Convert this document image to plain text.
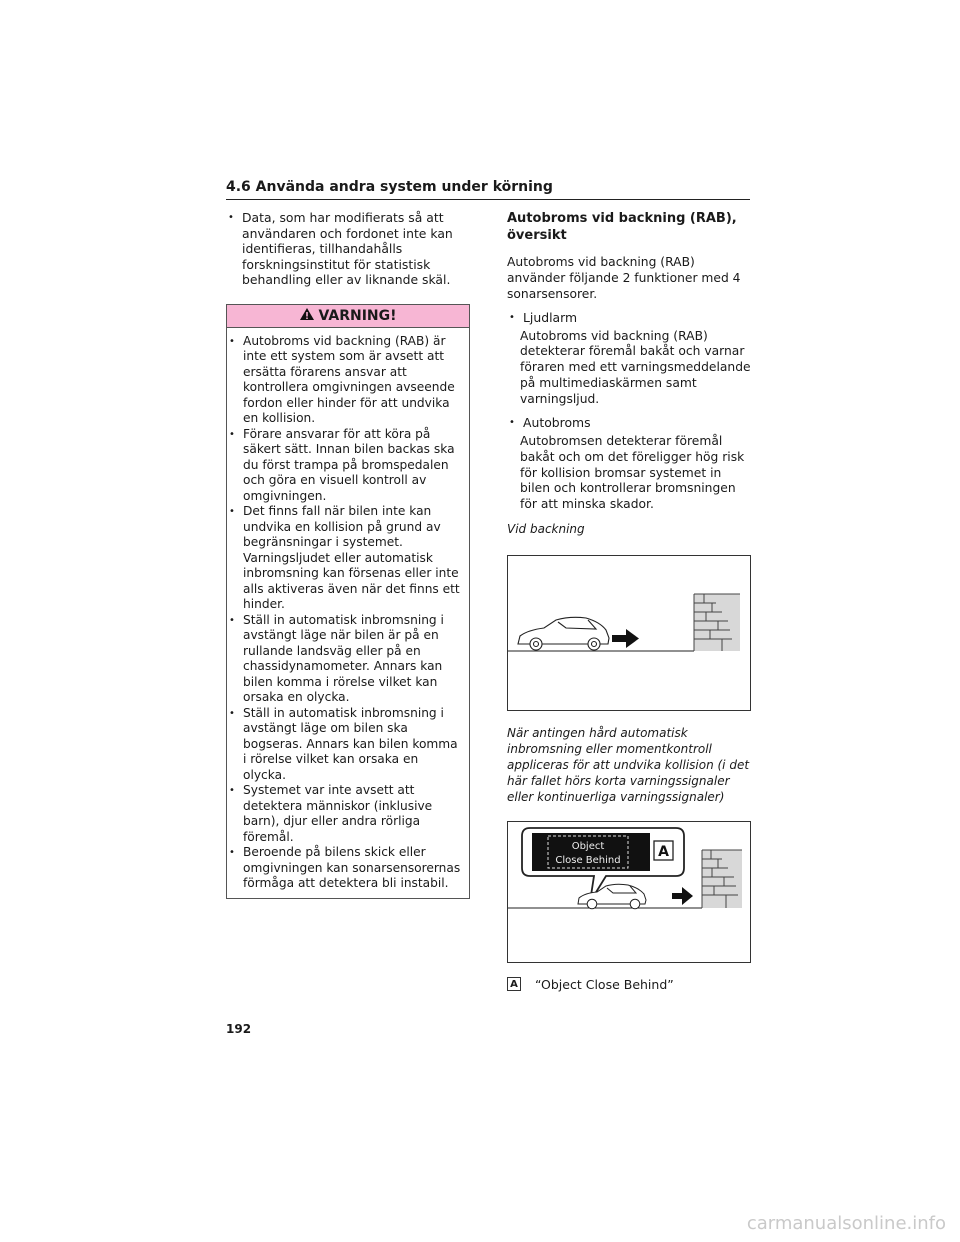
4.6 Använda andra system under körning

• Data, som har modifierats så att användaren och fordonet inte kan identifieras, tillhandahålls forskningsinstitut för statistisk behandling eller av liknande skäl.

VARNING!

• Autobroms vid backning (RAB) är inte ett system som är avsett att ersätta förarens ansvar att kontrollera omgivningen avseende fordon eller hinder för att undvika en kollision.

• Förare ansvarar för att köra på säkert sätt. Innan bilen backas ska du först trampa på bromspedalen och göra en visuell kontroll av omgivningen.

• Det finns fall när bilen inte kan undvika en kollision på grund av begränsningar i systemet. Varningsljudet eller automatisk inbromsning kan försenas eller inte alls aktiveras även när det finns ett hinder.

• Ställ in automatisk inbromsning i avstängt läge när bilen är på en rullande landsväg eller på en chassidynamometer. Annars kan bilen komma i rörelse vilket kan orsaka en olycka.

• Ställ in automatisk inbromsning i avstängt läge om bilen ska bogseras. Annars kan bilen komma i rörelse vilket kan orsaka en olycka.

• Systemet var inte avsett att detektera människor (inklusive barn), djur eller andra rörliga föremål.

• Beroende på bilens skick eller omgivningen kan sonarsensorernas förmåga att detektera bli instabil.

Autobroms vid backning (RAB), översikt

Autobroms vid backning (RAB) använder följande 2 funktioner med 4 sonarsensorer.

• Ljudlarm

Autobroms vid backning (RAB) detekterar föremål bakåt och varnar föraren med ett varningsmeddelande på multimediaskärmen samt varningsljud.

• Autobroms

Autobromsen detekterar föremål bakåt och om det föreligger hög risk för kollision bromsar systemet in bilen och kontrollerar bromsningen för att minska skador.

Vid backning

När antingen hård automatisk inbromsning eller momentkontroll appliceras för att undvika kollision (i det här fallet hörs korta varningssignaler eller kontinuerliga varningssignaler)

Object
Close Behind
A
A “Object Close Behind”
192
carmanualsonline.info
